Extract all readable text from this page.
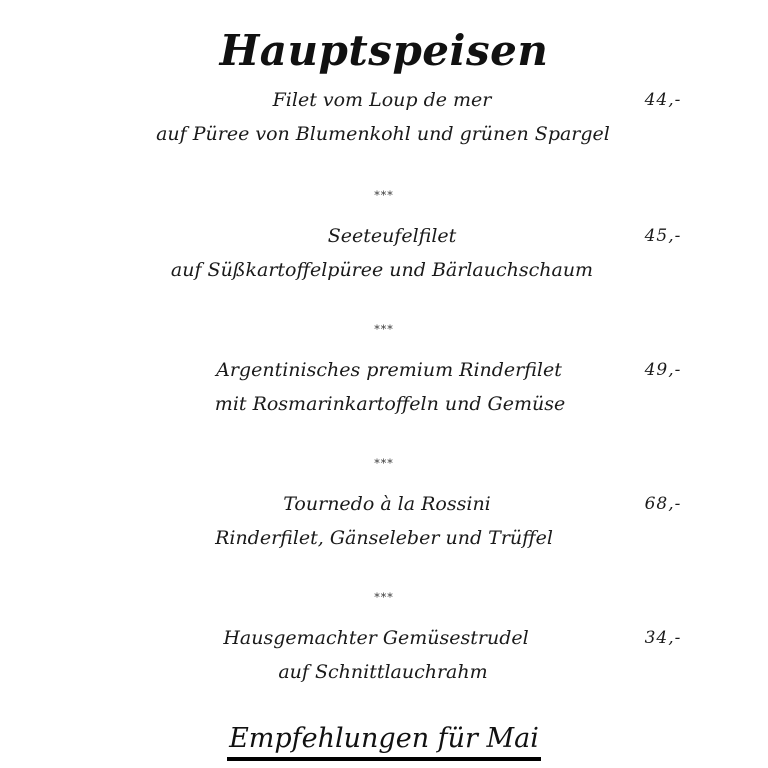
Hauptspeisen
Filet vom Loup de mer	44,-
auf Püree von Blumenkohl und grünen Spargel
***
Seeteufelfilet	45,-
auf Süßkartoffelpüree und Bärlauchschaum
***
Argentinisches premium Rinderfilet	49,-
mit Rosmarinkartoffeln und Gemüse
***
Tournedo à la Rossini	68,-
Rinderfilet, Gänseleber und Trüffel
***
Hausgemachter Gemüsestrudel	34,-
auf Schnittlauchrahm
Empfehlungen für Mai
